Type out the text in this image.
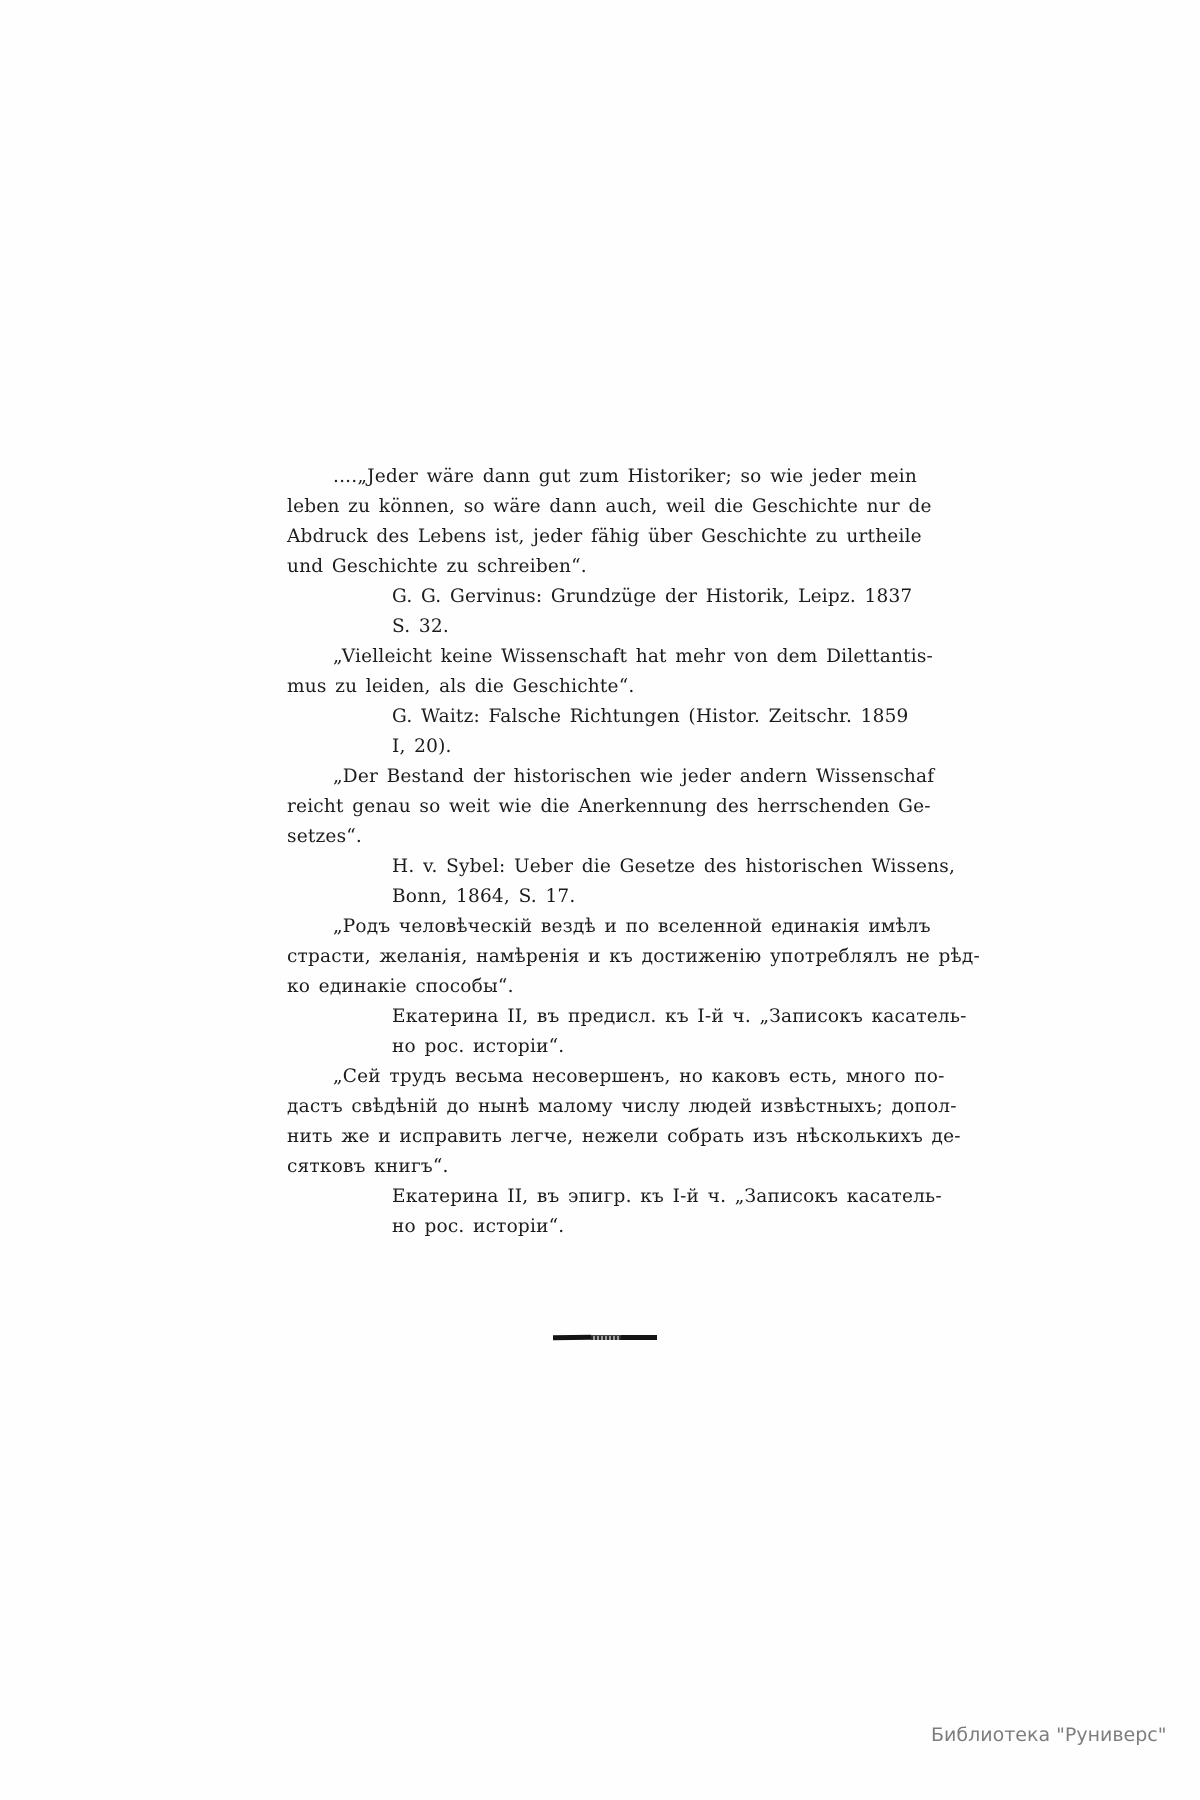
....„Jeder wäre dann gut zum Historiker; so wie jeder mein
leben zu können, so wäre dann auch, weil die Geschichte nur de
Abdruck des Lebens ist, jeder fähig über Geschichte zu urtheile
und Geschichte zu schreiben“.
G. G. Gervinus: Grundzüge der Historik, Leipz. 1837
S. 32.
„Vielleicht keine Wissenschaft hat mehr von dem Dilettantis-
mus zu leiden, als die Geschichte“.
G. Waitz: Falsche Richtungen (Histor. Zeitschr. 1859
I, 20).
„Der Bestand der historischen wie jeder andern Wissenschaf
reicht genau so weit wie die Anerkennung des herrschenden Ge-
setzes“.
H. v. Sybel: Ueber die Gesetze des historischen Wissens,
Bonn, 1864, S. 17.
„Родъ человѣческій вездѣ и по вселенной единакія имѣлъ
страсти, желанія, намѣренія и къ достиженію употреблялъ не рѣд-
ко единакіе способы“.
Екатерина II, въ предисл. къ I-й ч. „Записокъ касатель-
но рос. исторіи“.
„Сей трудъ весьма несовершенъ, но каковъ есть, много по-
дастъ свѣдѣній до нынѣ малому числу людей извѣстныхъ; допол-
нить же и исправить легче, нежели собрать изъ нѣсколькихъ де-
сятковъ книгъ“.
Екатерина II, въ эпигр. къ I-й ч. „Записокъ касатель-
но рос. исторіи“.
Библиотека "Руниверс"
